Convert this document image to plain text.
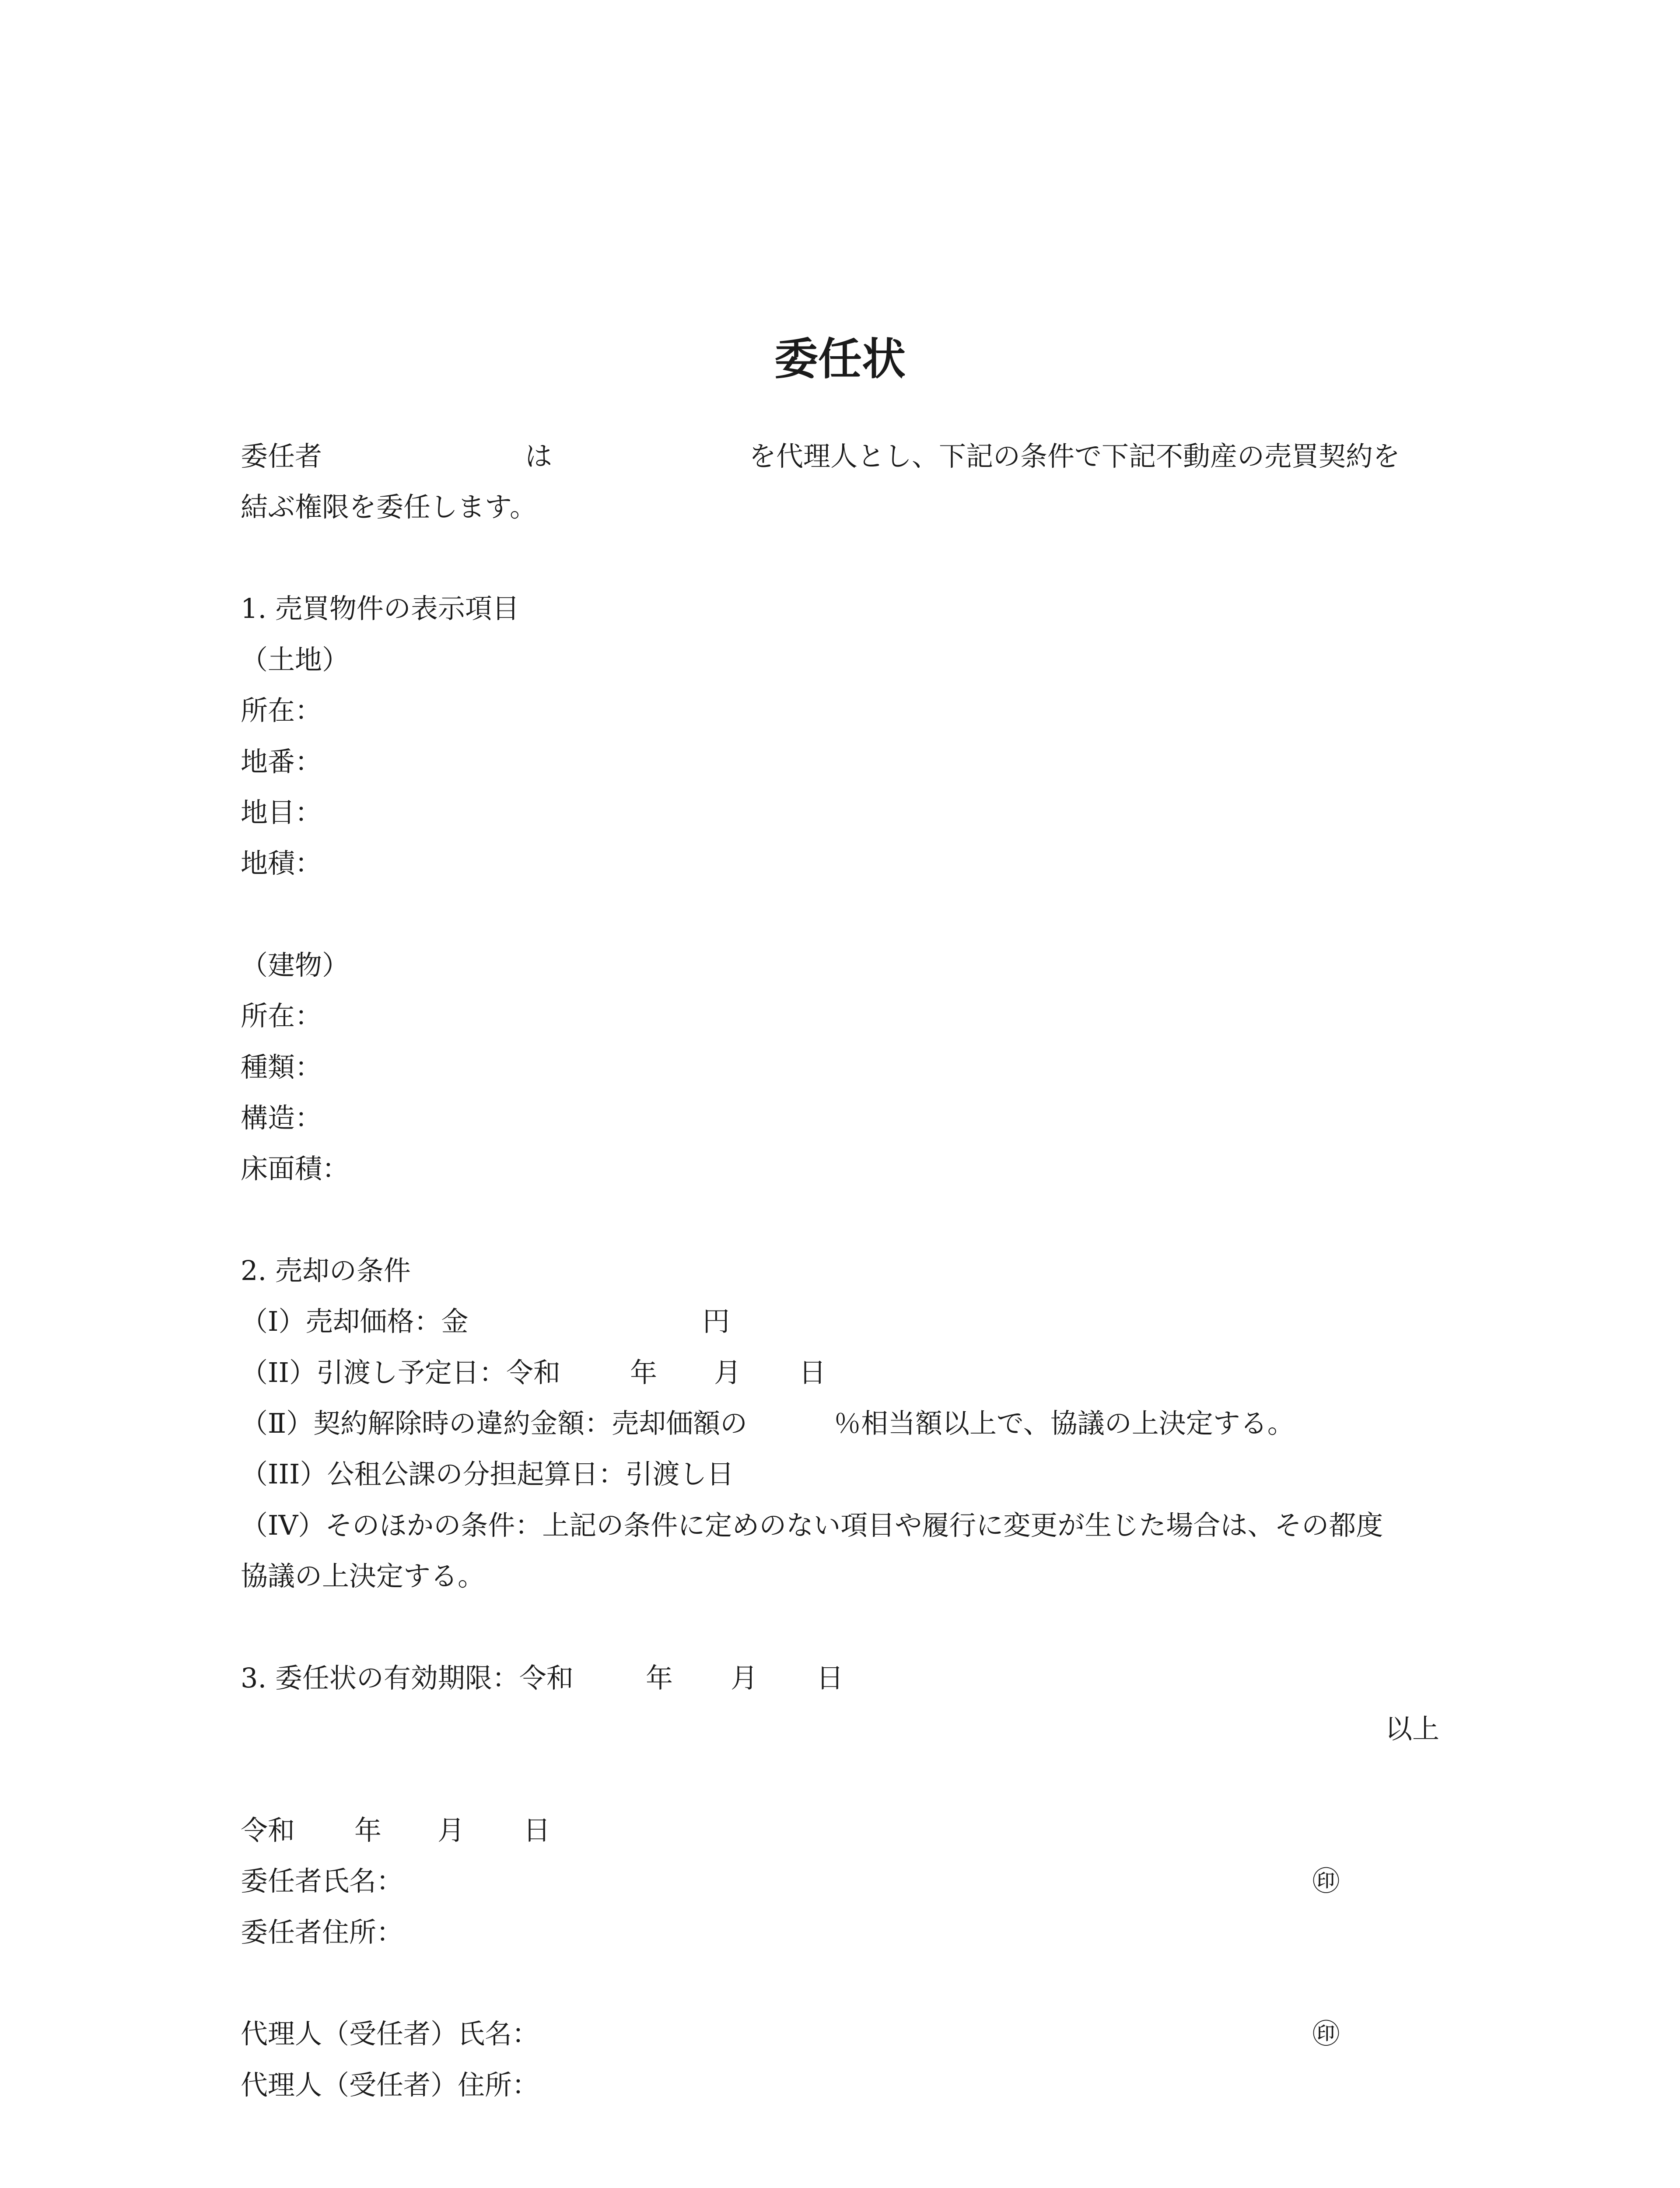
委任状
委任者	は	を代理人とし、下記の条件で下記不動産の売買契約を
結ぶ権限を委任します。
1. 売買物件の表示項目
（土地）
所在：
地番：
地目：
地積：
（建物）
所在：
種類：
構造：
床面積：
2. 売却の条件
（I）売却価格：金	円
（II）引渡し予定日：令和	年 月 日
（Ⅱ）契約解除時の違約金額：売却価額の	％相当額以上で、協議の上決定する。
（III）公租公課の分担起算日：引渡し日
（IV）そのほかの条件：上記の条件に定めのない項目や履行に変更が生じた場合は、その都度
協議の上決定する。
3. 委任状の有効期限：令和	年 月 日
以上
令和 年 月 日
委任者氏名：	㊞
委任者住所：
代理人（受任者）氏名：	㊞
代理人（受任者）住所：
